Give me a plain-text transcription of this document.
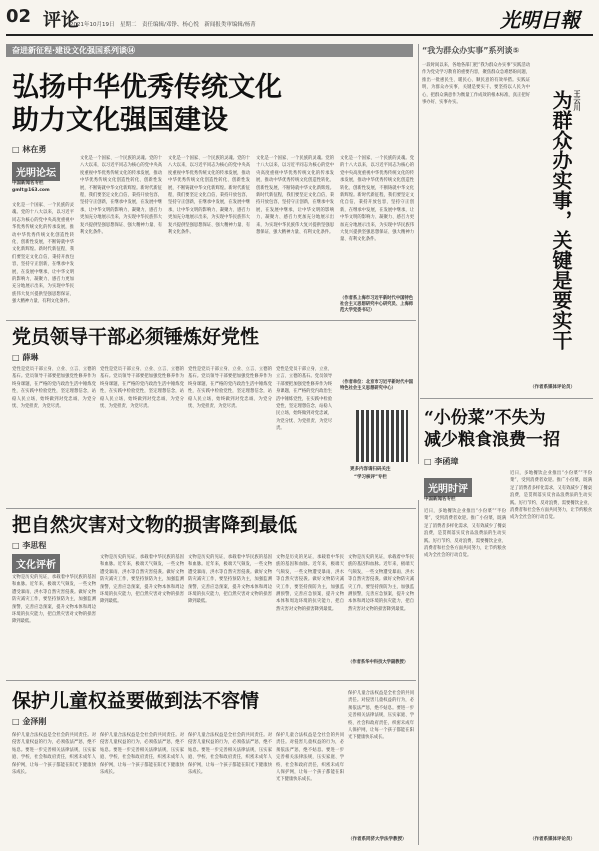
02 评论
2021年10月19日　星期二　责任编辑/邓铮、杨心悦　新闻报类审编辑/杨菁	光明日報
奋进新征程·建设文化强国系列谈⑭	“我为群众办实事”系列谈⑤
弘扬中华优秀传统文化
助力文化强国建设
□ 林在勇
光明论坛
中国新闻名专栏
gmlt@163.com
文化是一个国家、一个民族的灵魂。党的十八大以来，以习近平同志为核心的党中央高度重视中华优秀传统文化的传承发展，推动中华优秀传统文化创造性转化、创新性发展，不断铸就中华文化新辉煌。新时代新征程，我们要坚定文化自信，秉持开放包容，坚持守正创新，在继承中发展，在发展中继承，让中华文明的影响力、凝聚力、感召力更加充分地展示出来，为实现中华民族伟大复兴提供坚强思想保证、强大精神力量、有利文化条件。
文化是一个国家、一个民族的灵魂。党的十八大以来，以习近平同志为核心的党中央高度重视中华优秀传统文化的传承发展，推动中华优秀传统文化创造性转化、创新性发展，不断铸就中华文化新辉煌。新时代新征程，我们要坚定文化自信，秉持开放包容，坚持守正创新，在继承中发展，在发展中继承，让中华文明的影响力、凝聚力、感召力更加充分地展示出来，为实现中华民族伟大复兴提供坚强思想保证、强大精神力量、有利文化条件。
文化是一个国家、一个民族的灵魂。党的十八大以来，以习近平同志为核心的党中央高度重视中华优秀传统文化的传承发展，推动中华优秀传统文化创造性转化、创新性发展，不断铸就中华文化新辉煌。新时代新征程，我们要坚定文化自信，秉持开放包容，坚持守正创新，在继承中发展，在发展中继承，让中华文明的影响力、凝聚力、感召力更加充分地展示出来，为实现中华民族伟大复兴提供坚强思想保证、强大精神力量、有利文化条件。
文化是一个国家、一个民族的灵魂。党的十八大以来，以习近平同志为核心的党中央高度重视中华优秀传统文化的传承发展，推动中华优秀传统文化创造性转化、创新性发展，不断铸就中华文化新辉煌。新时代新征程，我们要坚定文化自信，秉持开放包容，坚持守正创新，在继承中发展，在发展中继承，让中华文明的影响力、凝聚力、感召力更加充分地展示出来，为实现中华民族伟大复兴提供坚强思想保证、强大精神力量、有利文化条件。
文化是一个国家、一个民族的灵魂。党的十八大以来，以习近平同志为核心的党中央高度重视中华优秀传统文化的传承发展，推动中华优秀传统文化创造性转化、创新性发展，不断铸就中华文化新辉煌。新时代新征程，我们要坚定文化自信，秉持开放包容，坚持守正创新，在继承中发展，在发展中继承，让中华文明的影响力、凝聚力、感召力更加充分地展示出来，为实现中华民族伟大复兴提供坚强思想保证、强大精神力量、有利文化条件。
（作者系上海市习近平新时代中国特色社会主义思想研究中心研究员、上海师范大学党委书记）
一段时间以来，各地各部门把“我为群众办实事”实践活动作为党史学习教育的重要内容，聚焦群众急难愁盼问题，推出一批惠民生、暖民心、顺民意的有效举措。实践证明，为群众办实事，关键是要实干。要坚持以人民为中心，把群众满意作为衡量工作成效的根本标准，真正把好事办好、实事办实。	为群众办实事，关键是要实干 王云川
（作者系媒体评论员）
党员领导干部必须锤炼好党性
□ 薛琳
党性是党员干部立身、立业、立言、立德的基石。党员领导干部要把加强党性修养作为终身课题，在严格的党内政治生活中锤炼党性，在实践中检验党性，坚定理想信念，站稳人民立场，始终做到对党忠诚、为党分忧、为党担责、为党尽责。
党性是党员干部立身、立业、立言、立德的基石。党员领导干部要把加强党性修养作为终身课题，在严格的党内政治生活中锤炼党性，在实践中检验党性，坚定理想信念，站稳人民立场，始终做到对党忠诚、为党分忧、为党担责、为党尽责。
党性是党员干部立身、立业、立言、立德的基石。党员领导干部要把加强党性修养作为终身课题，在严格的党内政治生活中锤炼党性，在实践中检验党性，坚定理想信念，站稳人民立场，始终做到对党忠诚、为党分忧、为党担责、为党尽责。
党性是党员干部立身、立业、立言、立德的基石。党员领导干部要把加强党性修养作为终身课题，在严格的党内政治生活中锤炼党性，在实践中检验党性，坚定理想信念，站稳人民立场，始终做到对党忠诚、为党分忧、为党担责、为党尽责。
（作者单位：北京市习近平新时代中国特色社会主义思想研究中心）
更多内容请扫码关注
“学习核评”专栏
“小份菜”不失为
减少粮食浪费一招
□ 李函璋
光明时评
中国新闻名专栏
近日，多地餐饮企业推出“小份菜”“半份菜”，受到消费者欢迎。推广小份菜，既满足了消费者多样化需求，又有效减少了餐桌浪费，是贯彻落实反食品浪费法的生动实践。厉行节约、反对浪费，需要餐饮企业、消费者和社会各方面共同努力，让节约粮食成为全社会的行动自觉。
近日，多地餐饮企业推出“小份菜”“半份菜”，受到消费者欢迎。推广小份菜，既满足了消费者多样化需求，又有效减少了餐桌浪费，是贯彻落实反食品浪费法的生动实践。厉行节约、反对浪费，需要餐饮企业、消费者和社会各方面共同努力，让节约粮食成为全社会的行动自觉。
（作者系媒体评论员）
把自然灾害对文物的损害降到最低
□ 李思程
文化评析
文物是历史的见证，承载着中华民族的基因和血脉。近年来，极端天气频发，一些文物遭受暴雨、洪水等自然灾害侵袭。做好文物防灾减灾工作，要坚持预防为主，加强监测预警，完善应急预案，提升文物本体和周边环境的抗灾能力，把自然灾害对文物的损害降到最低。
文物是历史的见证，承载着中华民族的基因和血脉。近年来，极端天气频发，一些文物遭受暴雨、洪水等自然灾害侵袭。做好文物防灾减灾工作，要坚持预防为主，加强监测预警，完善应急预案，提升文物本体和周边环境的抗灾能力，把自然灾害对文物的损害降到最低。
文物是历史的见证，承载着中华民族的基因和血脉。近年来，极端天气频发，一些文物遭受暴雨、洪水等自然灾害侵袭。做好文物防灾减灾工作，要坚持预防为主，加强监测预警，完善应急预案，提升文物本体和周边环境的抗灾能力，把自然灾害对文物的损害降到最低。
文物是历史的见证，承载着中华民族的基因和血脉。近年来，极端天气频发，一些文物遭受暴雨、洪水等自然灾害侵袭。做好文物防灾减灾工作，要坚持预防为主，加强监测预警，完善应急预案，提升文物本体和周边环境的抗灾能力，把自然灾害对文物的损害降到最低。
文物是历史的见证，承载着中华民族的基因和血脉。近年来，极端天气频发，一些文物遭受暴雨、洪水等自然灾害侵袭。做好文物防灾减灾工作，要坚持预防为主，加强监测预警，完善应急预案，提升文物本体和周边环境的抗灾能力，把自然灾害对文物的损害降到最低。
（作者系华中科技大学副教授）
保护儿童权益要做到法不容情
□ 金泽刚
保护儿童合法权益是全社会的共同责任。对侵害儿童权益的行为，必须依法严惩，绝不姑息。要进一步完善相关法律法规，压实家庭、学校、社会和政府责任，织密未成年人保护网，让每一个孩子都能在阳光下健康快乐成长。
保护儿童合法权益是全社会的共同责任。对侵害儿童权益的行为，必须依法严惩，绝不姑息。要进一步完善相关法律法规，压实家庭、学校、社会和政府责任，织密未成年人保护网，让每一个孩子都能在阳光下健康快乐成长。
保护儿童合法权益是全社会的共同责任。对侵害儿童权益的行为，必须依法严惩，绝不姑息。要进一步完善相关法律法规，压实家庭、学校、社会和政府责任，织密未成年人保护网，让每一个孩子都能在阳光下健康快乐成长。
保护儿童合法权益是全社会的共同责任。对侵害儿童权益的行为，必须依法严惩，绝不姑息。要进一步完善相关法律法规，压实家庭、学校、社会和政府责任，织密未成年人保护网，让每一个孩子都能在阳光下健康快乐成长。
保护儿童合法权益是全社会的共同责任。对侵害儿童权益的行为，必须依法严惩，绝不姑息。要进一步完善相关法律法规，压实家庭、学校、社会和政府责任，织密未成年人保护网，让每一个孩子都能在阳光下健康快乐成长。
（作者系同济大学法学教授）
